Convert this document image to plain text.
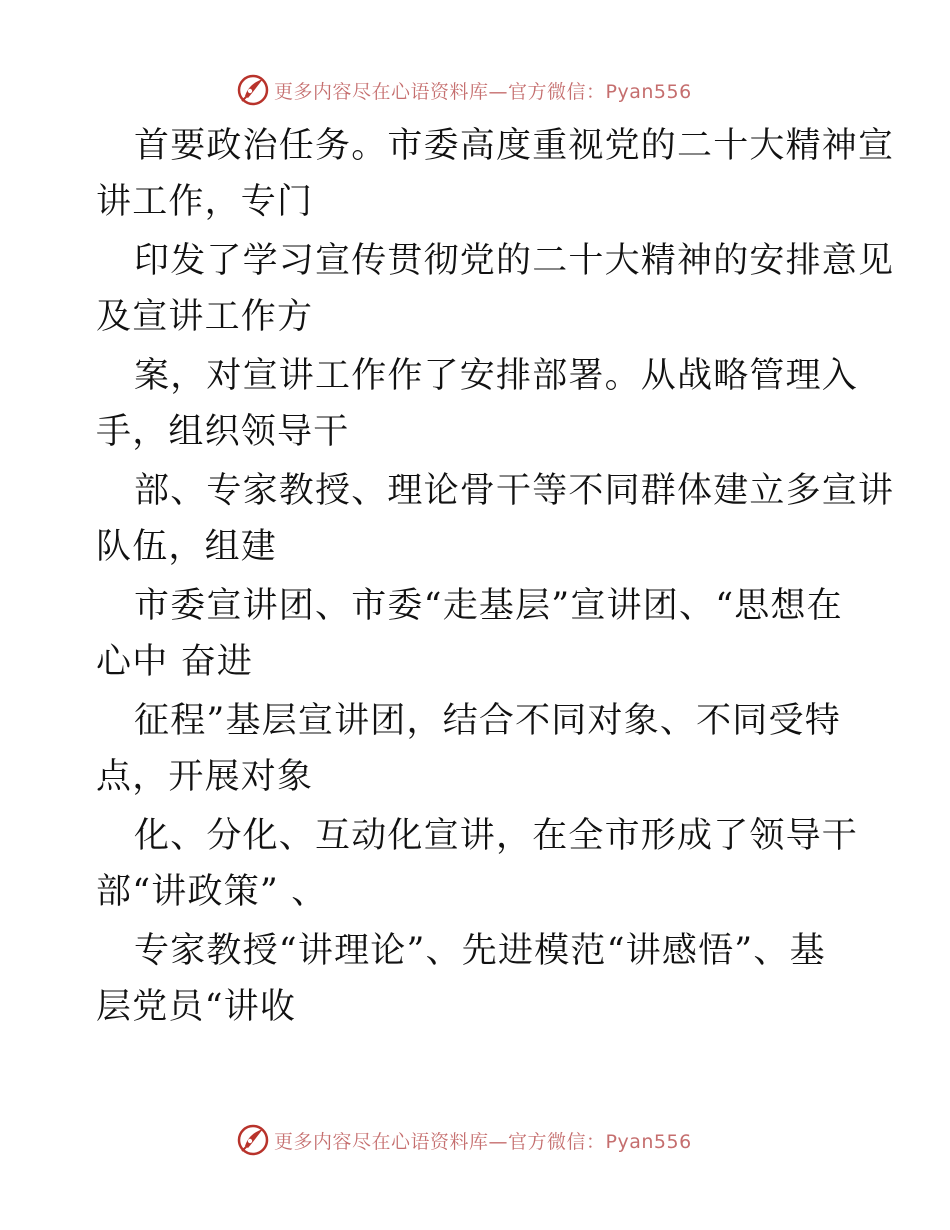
更多内容尽在心语资料库—官方微信：Pyan556

首要政治任务。市委高度重视党的二十大精神宣
讲工作，专门

印发了学习宣传贯彻党的二十大精神的安排意见
及宣讲工作方

案，对宣讲工作作了安排部署。从战略管理入
手，组织领导干

部、专家教授、理论骨干等不同群体建立多宣讲
队伍，组建

市委宣讲团、市委“走基层”宣讲团、“思想在
心中 奋进

征程”基层宣讲团，结合不同对象、不同受特
点，开展对象

化、分化、互动化宣讲，在全市形成了领导干
部“讲政策” 、

专家教授“讲理论”、先进模范“讲感悟”、基
层党员“讲收

更多内容尽在心语资料库—官方微信：Pyan556
